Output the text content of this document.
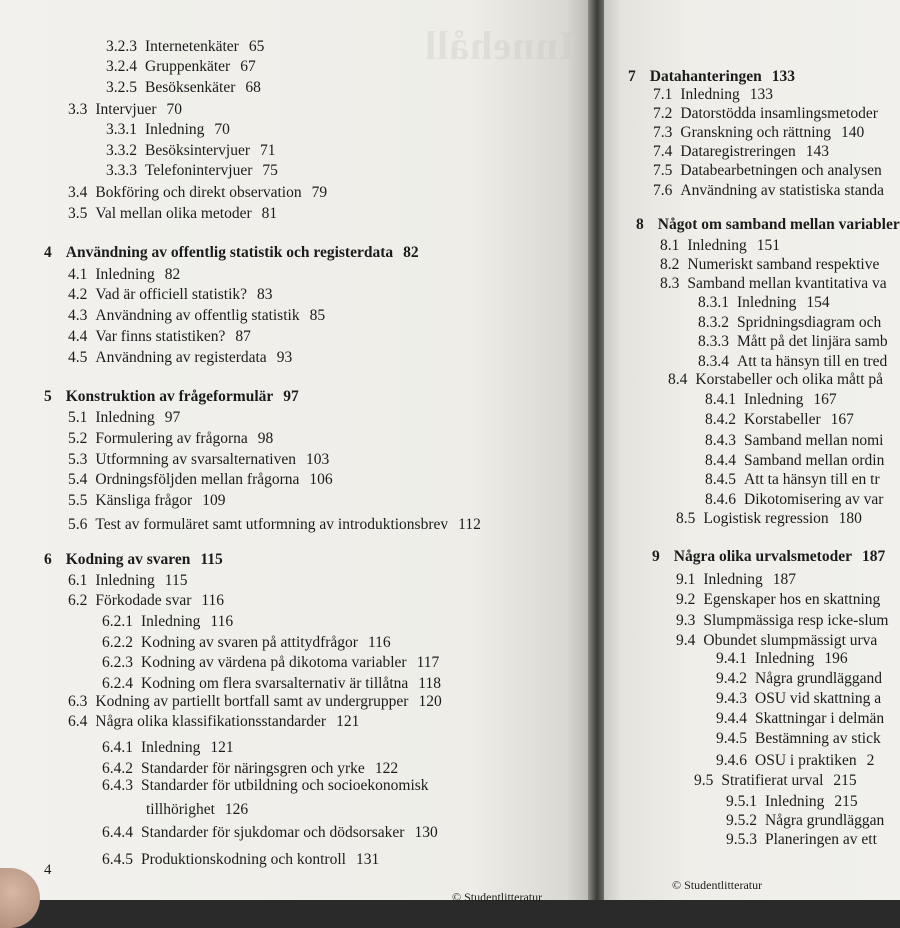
3.2.3 Internetenkäter 65
3.2.4 Gruppenkäter 67
3.2.5 Besöksenkäter 68
3.3 Intervjuer 70
3.3.1 Inledning 70
3.3.2 Besöksintervjuer 71
3.3.3 Telefonintervjuer 75
3.4 Bokföring och direkt observation 79
3.5 Val mellan olika metoder 81
4 Användning av offentlig statistik och registerdata 82
4.1 Inledning 82
4.2 Vad är officiell statistik? 83
4.3 Användning av offentlig statistik 85
4.4 Var finns statistiken? 87
4.5 Användning av registerdata 93
5 Konstruktion av frågeformulär 97
5.1 Inledning 97
5.2 Formulering av frågorna 98
5.3 Utformning av svarsalternativen 103
5.4 Ordningsföljden mellan frågorna 106
5.5 Känsliga frågor 109
5.6 Test av formuläret samt utformning av introduktionsbrev 112
6 Kodning av svaren 115
6.1 Inledning 115
6.2 Förkodade svar 116
6.2.1 Inledning 116
6.2.2 Kodning av svaren på attitydfrågor 116
6.2.3 Kodning av värdena på dikotoma variabler 117
6.2.4 Kodning om flera svarsalternativ är tillåtna 118
6.3 Kodning av partiellt bortfall samt av undergrupper 120
6.4 Några olika klassifikationsstandarder 121
6.4.1 Inledning 121
6.4.2 Standarder för näringsgren och yrke 122
6.4.3 Standarder för utbildning och socioekonomisk
tillhörighet 126
6.4.4 Standarder för sjukdomar och dödsorsaker 130
6.4.5 Produktionskodning och kontroll 131
4
© Studentlitteratur
Innehåll
7 Datahanteringen 133
7.1 Inledning 133
7.2 Datorstödda insamlingsmetoder
7.3 Granskning och rättning 140
7.4 Dataregistreringen 143
7.5 Databearbetningen och analysen
7.6 Användning av statistiska standa
8 Något om samband mellan variabler
8.1 Inledning 151
8.2 Numeriskt samband respektive
8.3 Samband mellan kvantitativa va
8.3.1 Inledning 154
8.3.2 Spridningsdiagram och
8.3.3 Mått på det linjära samb
8.3.4 Att ta hänsyn till en tred
8.4 Korstabeller och olika mått på
8.4.1 Inledning 167
8.4.2 Korstabeller 167
8.4.3 Samband mellan nomi
8.4.4 Samband mellan ordin
8.4.5 Att ta hänsyn till en tr
8.4.6 Dikotomisering av var
8.5 Logistisk regression 180
9 Några olika urvalsmetoder 187
9.1 Inledning 187
9.2 Egenskaper hos en skattning
9.3 Slumpmässiga resp icke-slum
9.4 Obundet slumpmässigt urva
9.4.1 Inledning 196
9.4.2 Några grundläggand
9.4.3 OSU vid skattning a
9.4.4 Skattningar i delmän
9.4.5 Bestämning av stick
9.4.6 OSU i praktiken 2
9.5 Stratifierat urval 215
9.5.1 Inledning 215
9.5.2 Några grundläggan
9.5.3 Planeringen av ett
© Studentlitteratur
